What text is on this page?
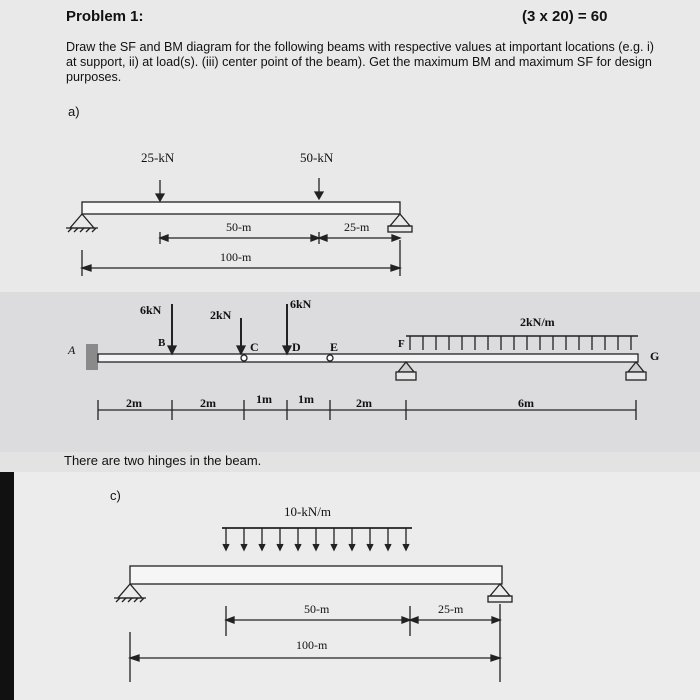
Problem 1:	(3 x 20) = 60
Draw the SF and BM diagram for the following beams with respective values at important locations (e.g. i) at support, ii) at load(s). (iii) center point of the beam). Get the maximum BM and maximum SF for design purposes.
a)
25-kN	50-kN
50-m	25-m
100-m
A	B	C	D E	F
G
6kN	2kN
6kN
2kN/m
2m	2m	1m 1m	2m	6m
There are two hinges in the beam.
c)
10-kN/m
50-m	25-m
100-m
